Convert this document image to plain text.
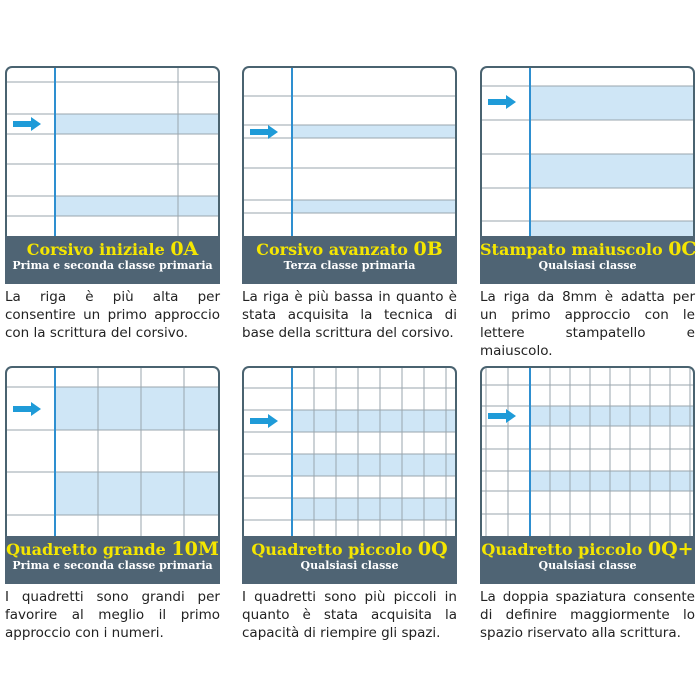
Corsivo iniziale 0A
Prima e seconda classe primaria
La riga è più alta per consentire un primo approccio con la scrittura del corsivo.
Corsivo avanzato 0B
Terza classe primaria
La riga è più bassa in quanto è stata acquisita la tecnica di base della scrittura del corsivo.
Stampato maiuscolo 0C
Qualsiasi classe
La riga da 8mm è adatta per un primo approccio con le lettere stampatello e maiuscolo.
Quadretto grande 10M
Prima e seconda classe primaria
I quadretti sono grandi per favorire al meglio il primo approccio con i numeri.
Quadretto piccolo 0Q
Qualsiasi classe
I quadretti sono più piccoli in quanto è stata acquisita la capacità di riempire gli spazi.
Quadretto piccolo 0Q+
Qualsiasi classe
La doppia spaziatura consente di definire maggiormente lo spazio riservato alla scrittura.
